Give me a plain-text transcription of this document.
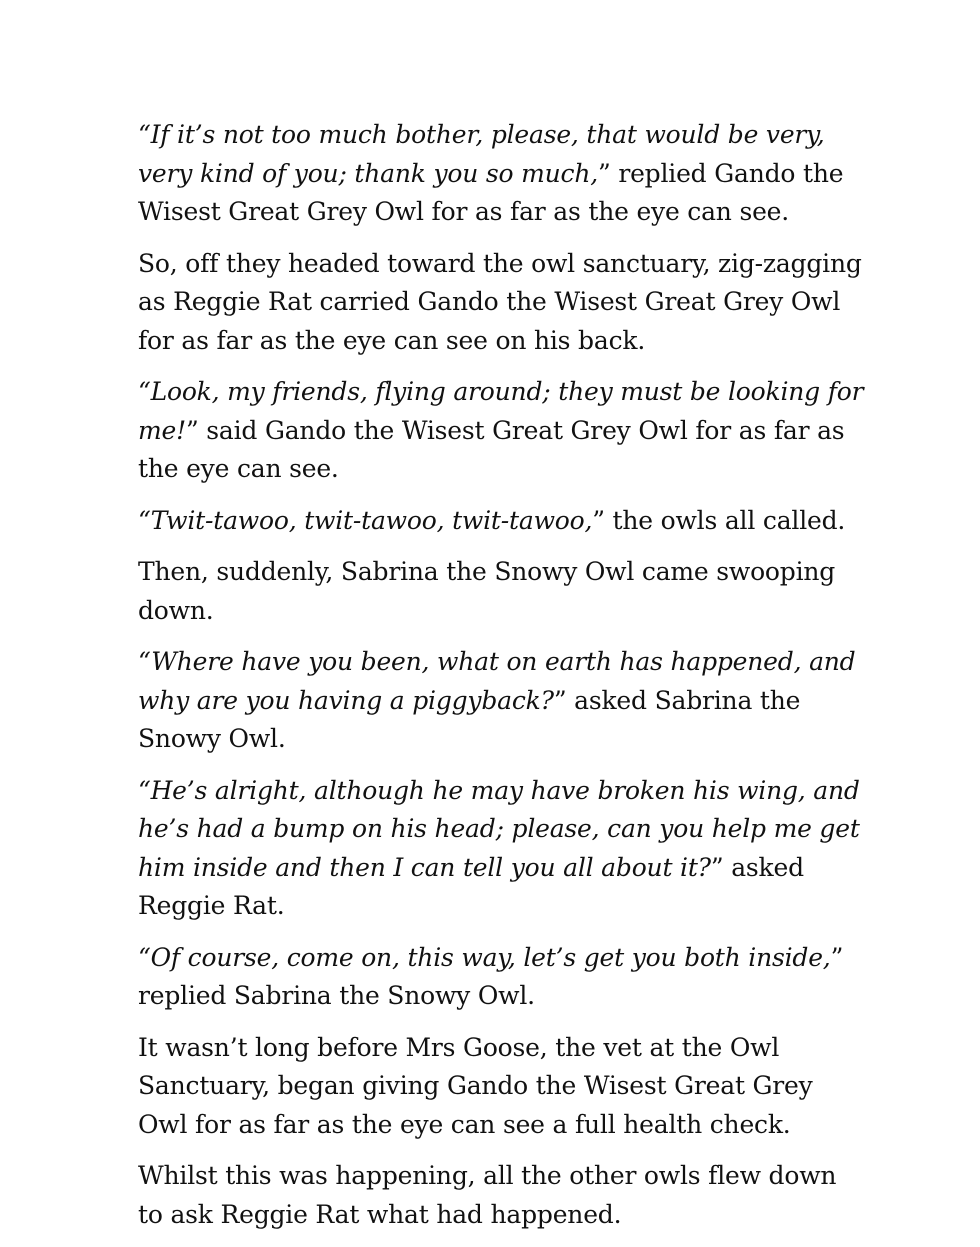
“If it’s not too much bother, please, that would be very, very kind of you; thank you so much,” replied Gando the Wisest Great Grey Owl for as far as the eye can see.

So, off they headed toward the owl sanctuary, zig-zagging as Reggie Rat carried Gando the Wisest Great Grey Owl for as far as the eye can see on his back.

“Look, my friends, flying around; they must be looking for me!” said Gando the Wisest Great Grey Owl for as far as the eye can see.

“Twit-tawoo, twit-tawoo, twit-tawoo,” the owls all called.

Then, suddenly, Sabrina the Snowy Owl came swooping down.

“Where have you been, what on earth has happened, and why are you having a piggyback?” asked Sabrina the Snowy Owl.

“He’s alright, although he may have broken his wing, and he’s had a bump on his head; please, can you help me get him inside and then I can tell you all about it?” asked Reggie Rat.

“Of course, come on, this way, let’s get you both inside,” replied Sabrina the Snowy Owl.

It wasn’t long before Mrs Goose, the vet at the Owl Sanctuary, began giving Gando the Wisest Great Grey Owl for as far as the eye can see a full health check.

Whilst this was happening, all the other owls flew down to ask Reggie Rat what had happened.
